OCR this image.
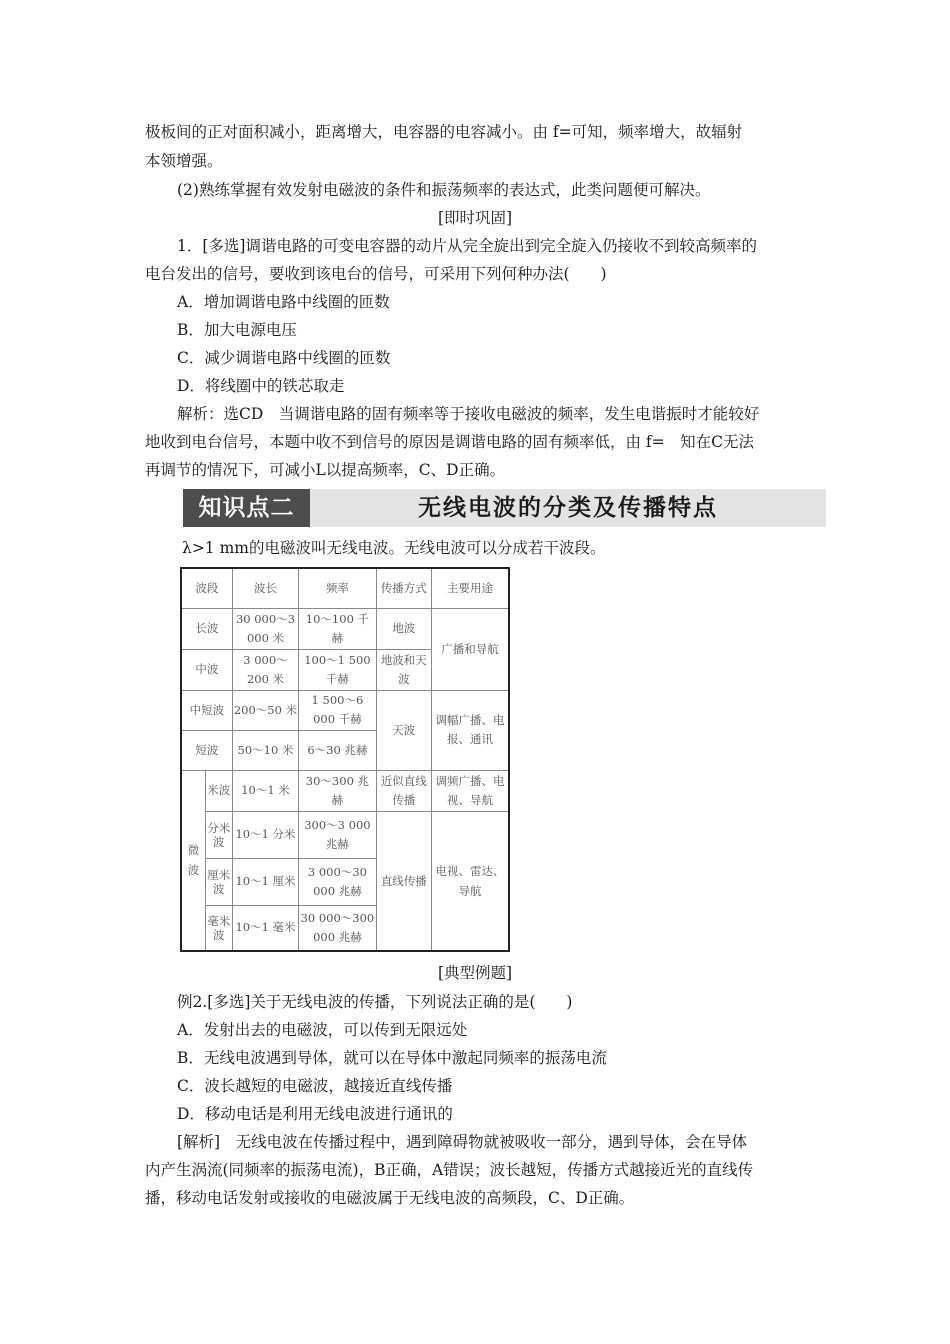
极板间的正对面积减小，距离增大，电容器的电容减小。由 f=可知，频率增大，故辐射
本领增强。
(2)熟练掌握有效发射电磁波的条件和振荡频率的表达式，此类问题便可解决。
[即时巩固]
1．[多选]调谐电路的可变电容器的动片从完全旋出到完全旋入仍接收不到较高频率的
电台发出的信号，要收到该电台的信号，可采用下列何种办法(　　)
A．增加调谐电路中线圈的匝数
B．加大电源电压
C．减少调谐电路中线圈的匝数
D．将线圈中的铁芯取走
解析：选CD　当调谐电路的固有频率等于接收电磁波的频率，发生电谐振时才能较好
地收到电台信号，本题中收不到信号的原因是调谐电路的固有频率低，由 f=　知在C无法
再调节的情况下，可减小L以提高频率，C、D正确。
知识点二	无线电波的分类及传播特点
λ>1 mm的电磁波叫无线电波。无线电波可以分成若干波段。
波段		波长	频率	传播方式	主要用途
长波		30 000～3 000 米	10～100 千赫	地波	广播和导航
中波		3 000～200 米	100～1 500 千赫	地波和天波	
中短波		200～50 米	1 500～6 000 千赫	天波	调幅广播、电报、通讯
短波		50～10 米	6～30 兆赫		
微波	米波	10～1 米	30～300 兆赫	近似直线传播	调频广播、电视、导航
	分米波	10～1 分米	300～3 000 兆赫	直线传播	电视、雷达、导航
	厘米波	10～1 厘米	3 000～30 000 兆赫		
	毫米波	10～1 毫米	30 000～300 000 兆赫		
[典型例题]
例2.[多选]关于无线电波的传播，下列说法正确的是(　　)
A．发射出去的电磁波，可以传到无限远处
B．无线电波遇到导体，就可以在导体中激起同频率的振荡电流
C．波长越短的电磁波，越接近直线传播
D．移动电话是利用无线电波进行通讯的
[解析]　无线电波在传播过程中，遇到障碍物就被吸收一部分，遇到导体，会在导体
内产生涡流(同频率的振荡电流)，B正确，A错误；波长越短，传播方式越接近光的直线传
播，移动电话发射或接收的电磁波属于无线电波的高频段，C、D正确。
